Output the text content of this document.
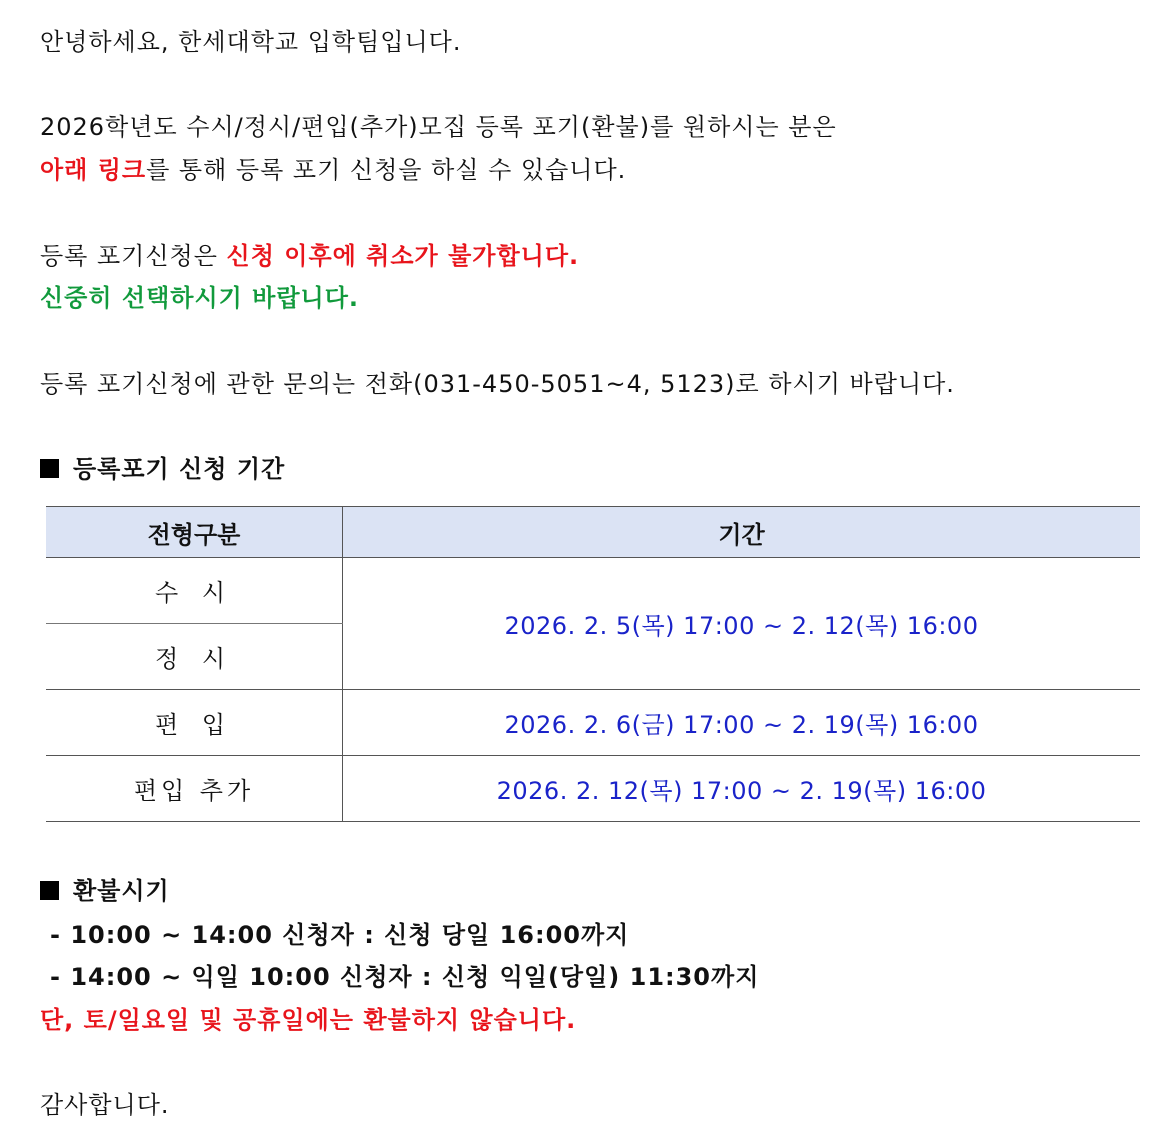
안녕하세요, 한세대학교 입학팀입니다.
2026학년도 수시/정시/편입(추가)모집 등록 포기(환불)를 원하시는 분은
아래 링크를 통해 등록 포기 신청을 하실 수 있습니다.
등록 포기신청은 신청 이후에 취소가 불가합니다.
신중히 선택하시기 바랍니다.
등록 포기신청에 관한 문의는 전화(031-450-5051~4, 5123)로 하시기 바랍니다.
등록포기 신청 기간
전형구분	기간
수 시	2026. 2. 5(목) 17:00 ~ 2. 12(목) 16:00
정 시	
편 입	2026. 2. 6(금) 17:00 ~ 2. 19(목) 16:00
편입 추가	2026. 2. 12(목) 17:00 ~ 2. 19(목) 16:00
환불시기
- 10:00 ~ 14:00 신청자 : 신청 당일 16:00까지
- 14:00 ~ 익일 10:00 신청자 : 신청 익일(당일) 11:30까지
단, 토/일요일 및 공휴일에는 환불하지 않습니다.
감사합니다.
